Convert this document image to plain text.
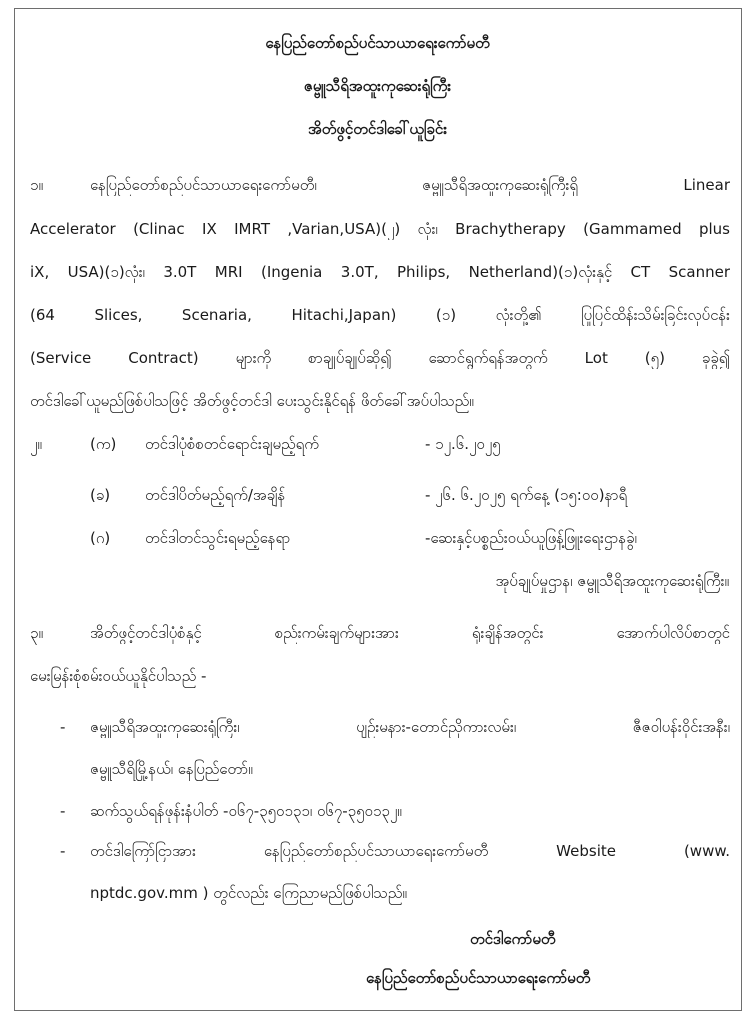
နေပြည်တော်စည်ပင်သာယာရေးကော်မတီ
ဇမ္ဗူသီရိအထူးကုဆေးရုံကြီး
အိတ်ဖွင့်တင်ဒါခေါ်ယူခြင်း
၁။	နေပြည်တော်စည်ပင်သာယာရေးကော်မတီ၊ ဇမ္ဗူသီရိအထူးကုဆေးရုံကြီးရှိ Linear
Accelerator (Clinac IX IMRT ,Varian,USA)(၂) လုံး၊ Brachytherapy (Gammamed plus
iX, USA)(၁)လုံး၊ 3.0T MRI (Ingenia 3.0T, Philips, Netherland)(၁)လုံးနှင့် CT Scanner
(64 Slices, Scenaria, Hitachi,Japan) (၁) လုံးတို့၏ ပြုပြင်ထိန်းသိမ်းခြင်းလုပ်ငန်း
(Service Contract) များကို စာချုပ်ချုပ်ဆို၍ ဆောင်ရွက်ရန်အတွက် Lot (၅) ခုခွဲ၍
တင်ဒါခေါ်ယူမည်ဖြစ်ပါသဖြင့် အိတ်ဖွင့်တင်ဒါ ပေးသွင်းနိုင်ရန် ဖိတ်ခေါ်အပ်ပါသည်။
၂။	(က) တင်ဒါပုံစံစတင်ရောင်းချမည့်ရက်	- ၁၂.၆.၂၀၂၅
(ခ) တင်ဒါပိတ်မည့်ရက်/အချိန်	- ၂၆. ၆.၂၀၂၅ ရက်နေ့ (၁၅:၀၀)နာရီ
(ဂ) တင်ဒါတင်သွင်းရမည့်နေရာ	-ဆေးနှင့်ပစ္စည်းဝယ်ယူဖြန့်ဖြူးရေးဌာနခွဲ၊
အုပ်ချုပ်မှုဌာန၊ ဇမ္ဗူသီရိအထူးကုဆေးရုံကြီး။
၃။	အိတ်ဖွင့်တင်ဒါပုံစံနှင့် စည်းကမ်းချက်များအား ရုံးချိန်အတွင်း အောက်ပါလိပ်စာတွင်
မေးမြန်းစုံစမ်းဝယ်ယူနိုင်ပါသည် -
- ဇမ္ဗူသီရိအထူးကုဆေးရုံကြီး၊ ပျဉ်းမနား-တောင်ညိုကားလမ်း၊ ဇီဇဝါပန်းဝိုင်းအနီး၊
ဇမ္ဗူသီရိမြို့နယ်၊ နေပြည်တော်။
- ဆက်သွယ်ရန်ဖုန်းနံပါတ် -၀၆၇-၃၅၀၁၃၁၊ ၀၆၇-၃၅၀၁၃၂။
- တင်ဒါကြော်ငြာအား နေပြည်တော်စည်ပင်သာယာရေးကော်မတီ Website (www.
nptdc.gov.mm ) တွင်လည်း ကြေညာမည်ဖြစ်ပါသည်။
တင်ဒါကော်မတီ
နေပြည်တော်စည်ပင်သာယာရေးကော်မတီ
